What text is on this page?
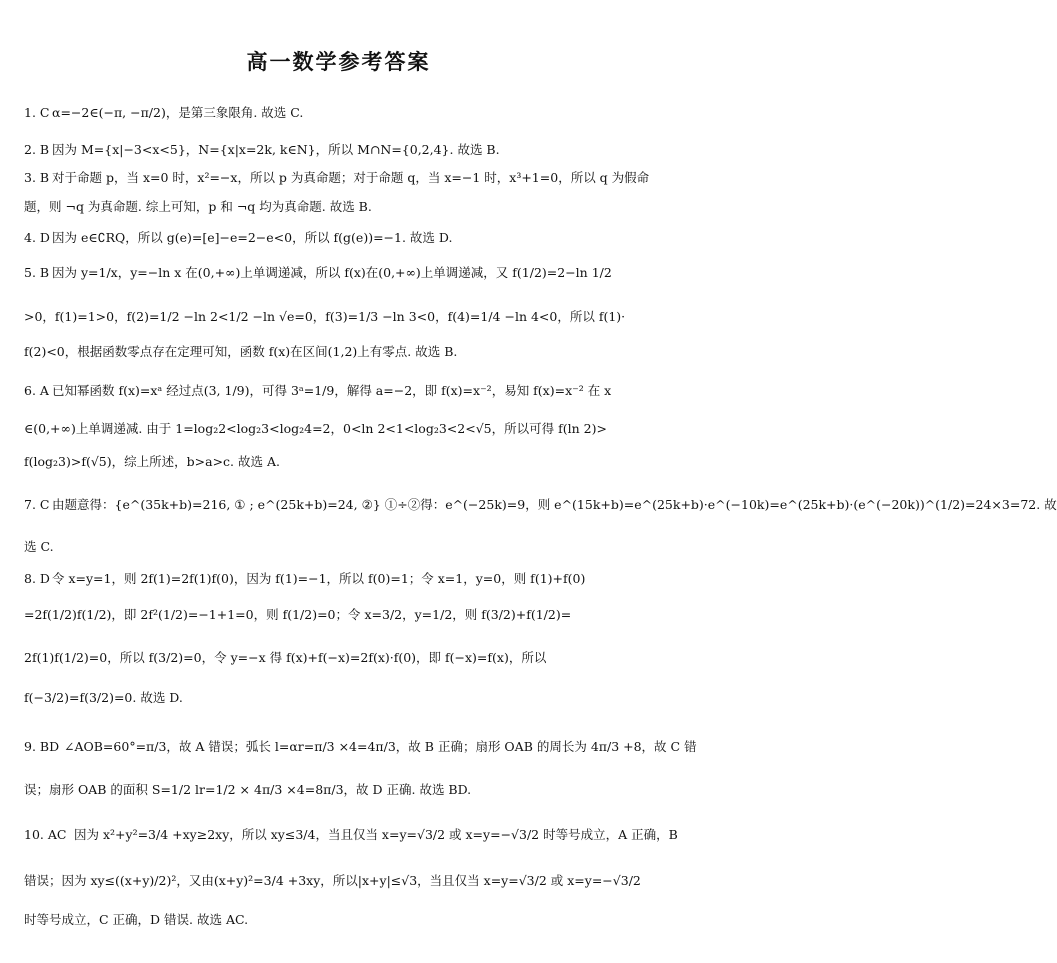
高一数学参考答案
1. C α=−2∈(−π, −π/2)，是第三象限角. 故选 C.
2. B 因为 M={x|−3<x<5}，N={x|x=2k, k∈N}，所以 M∩N={0,2,4}. 故选 B.
3. B 对于命题 p，当 x=0 时，x²=−x，所以 p 为真命题；对于命题 q，当 x=−1 时，x³+1=0，所以 q 为假命
题，则 ¬q 为真命题. 综上可知，p 和 ¬q 均为真命题. 故选 B.
4. D 因为 e∈∁RQ，所以 g(e)=[e]−e=2−e<0，所以 f(g(e))=−1. 故选 D.
5. B 因为 y=1/x，y=−ln x 在(0,+∞)上单调递减，所以 f(x)在(0,+∞)上单调递减，又 f(1/2)=2−ln 1/2
>0，f(1)=1>0，f(2)=1/2 −ln 2<1/2 −ln √e=0，f(3)=1/3 −ln 3<0，f(4)=1/4 −ln 4<0，所以 f(1)·
f(2)<0，根据函数零点存在定理可知，函数 f(x)在区间(1,2)上有零点. 故选 B.
6. A 已知幂函数 f(x)=xᵃ 经过点(3, 1/9)，可得 3ᵃ=1/9，解得 a=−2，即 f(x)=x⁻²，易知 f(x)=x⁻² 在 x
∈(0,+∞)上单调递减. 由于 1=log₂2<log₂3<log₂4=2，0<ln 2<1<log₂3<2<√5，所以可得 f(ln 2)>
f(log₂3)>f(√5)，综上所述，b>a>c. 故选 A.
7. C 由题意得：{e^(35k+b)=216, ① ; e^(25k+b)=24, ②} ①÷②得：e^(−25k)=9，则 e^(15k+b)=e^(25k+b)·e^(−10k)=e^(25k+b)·(e^(−20k))^(1/2)=24×3=72. 故
选 C.
8. D 令 x=y=1，则 2f(1)=2f(1)f(0)，因为 f(1)=−1，所以 f(0)=1；令 x=1，y=0，则 f(1)+f(0)
=2f(1/2)f(1/2)，即 2f²(1/2)=−1+1=0，则 f(1/2)=0；令 x=3/2，y=1/2，则 f(3/2)+f(1/2)=
2f(1)f(1/2)=0，所以 f(3/2)=0，令 y=−x 得 f(x)+f(−x)=2f(x)·f(0)，即 f(−x)=f(x)，所以
f(−3/2)=f(3/2)=0. 故选 D.
9. BD ∠AOB=60°=π/3，故 A 错误；弧长 l=αr=π/3 ×4=4π/3，故 B 正确；扇形 OAB 的周长为 4π/3 +8，故 C 错
误；扇形 OAB 的面积 S=1/2 lr=1/2 × 4π/3 ×4=8π/3，故 D 正确. 故选 BD.
10. AC 因为 x²+y²=3/4 +xy≥2xy，所以 xy≤3/4，当且仅当 x=y=√3/2 或 x=y=−√3/2 时等号成立，A 正确，B
错误；因为 xy≤((x+y)/2)²，又由(x+y)²=3/4 +3xy，所以|x+y|≤√3，当且仅当 x=y=√3/2 或 x=y=−√3/2
时等号成立，C 正确，D 错误. 故选 AC.
